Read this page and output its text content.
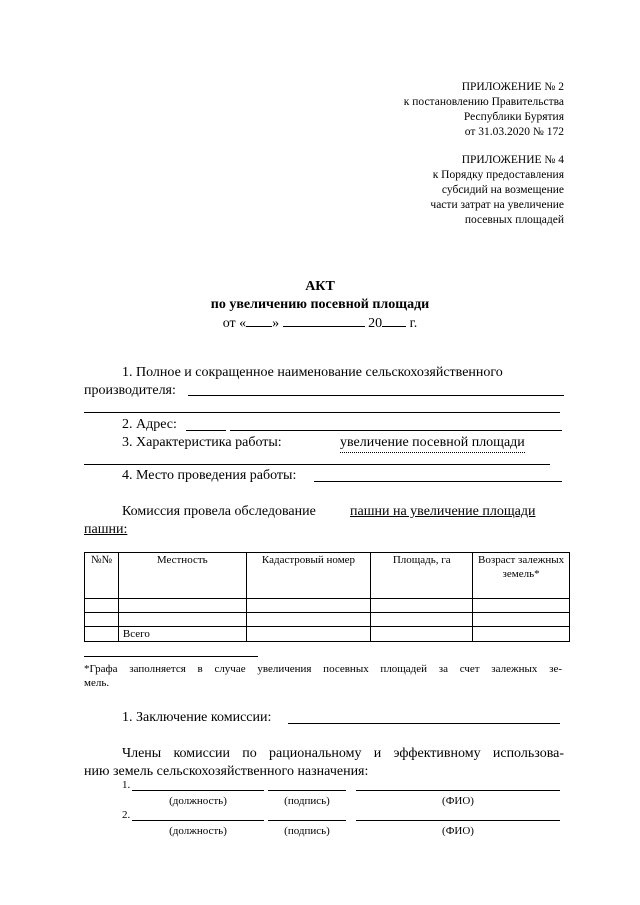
ПРИЛОЖЕНИЕ № 2
к постановлению Правительства
Республики Бурятия
от 31.03.2020 № 172
ПРИЛОЖЕНИЕ № 4
к Порядку предоставления
субсидий на возмещение
части затрат на увеличение
посевных площадей
АКТ
по увеличению посевной площади
от « »	20 г.
1. Полное и сокращенное наименование сельскохозяйственного
производителя:
2. Адрес:
3. Характеристика работы:	увеличение посевной площади
4. Место проведения работы:
Комиссия провела обследование пашни на увеличение площади
пашни:
№№	Местность	Кадастровый номер	Площадь, га	Возраст залежных земель*

	Всего			
*Графа заполняется в случае увеличения посевных площадей за счет залежных зе-
мель.
1. Заключение комиссии:
Члены комиссии по рациональному и эффективному использова-
нию земель сельскохозяйственного назначения:
1.
(должность)	(подпись)	(ФИО)
2.
(должность)	(подпись)	(ФИО)
